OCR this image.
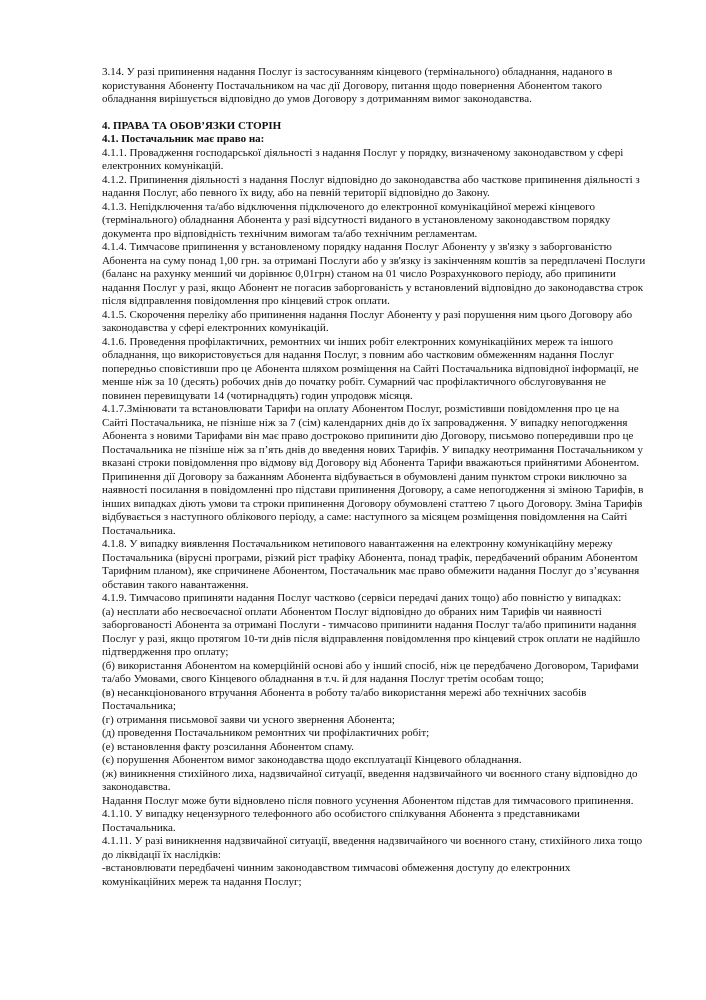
3.14. У разі припинення надання Послуг із застосуванням кінцевого (термінального) обладнання, наданого в користування Абоненту Постачальником на час дії Договору, питання щодо повернення Абонентом такого обладнання вирішується відповідно до умов Договору з дотриманням вимог законодавства.

4. ПРАВА ТА ОБОВ’ЯЗКИ СТОРІН

4.1. Постачальник має право на:

4.1.1. Провадження господарської діяльності з надання Послуг у порядку, визначеному законодавством у сфері електронних комунікацій.

4.1.2. Припинення діяльності з надання Послуг відповідно до законодавства або часткове припинення діяльності з надання Послуг, або певного їх виду, або на певній території відповідно до Закону.

4.1.3. Непідключення та/або відключення підключеного до електронної комунікаційної мережі кінцевого (термінального) обладнання Абонента у разі відсутності виданого в установленому законодавством порядку документа про відповідність технічним вимогам та/або технічним регламентам.

4.1.4. Тимчасове припинення у встановленому порядку надання Послуг Абоненту у зв'язку з заборгованістю Абонента на суму понад 1,00 грн. за отримані Послуги або у зв'язку із закінченням коштів за передплачені Послуги (баланс на рахунку менший чи дорівнює 0,01грн) станом на 01 число Розрахункового періоду, або припинити надання Послуг у разі, якщо Абонент не погасив заборгованість у встановлений відповідно до законодавства строк після відправлення повідомлення про кінцевий строк оплати.

4.1.5. Скорочення переліку або припинення надання Послуг Абоненту у разі порушення ним цього Договору або законодавства у сфері електронних комунікацій.

4.1.6. Проведення профілактичних, ремонтних чи інших робіт електронних комунікаційних мереж та іншого обладнання, що використовується для надання Послуг, з повним або частковим обмеженням надання Послуг попередньо сповістивши про це Абонента шляхом розміщення на Сайті Постачальника відповідної інформації, не менше ніж за 10 (десять) робочих днів до початку робіт. Сумарний час профілактичного обслуговування не повинен перевищувати 14 (чотирнадцять) годин упродовж місяця.

4.1.7.Змінювати та встановлювати Тарифи на оплату Абонентом Послуг, розмістивши повідомлення про це на Сайті Постачальника, не пізніше ніж за 7 (сім) календарних днів до їх запровадження. У випадку непогодження Абонента з новими Тарифами він має право достроково припинити дію Договору, письмово попередивши про це Постачальника не пізніше ніж за п’ять днів до введення нових Тарифів. У випадку неотримання Постачальником у вказані строки повідомлення про відмову від Договору від Абонента Тарифи вважаються прийнятими Абонентом. Припинення дії Договору за бажанням Абонента відбувається в обумовлені даним пунктом строки виключно за наявності посилання в повідомленні про підстави припинення Договору, а саме непогодження зі зміною Тарифів, в інших випадках діють умови та строки припинення Договору обумовлені статтею 7 цього Договору. Зміна Тарифів відбувається з наступного облікового періоду, а саме: наступного за місяцем розміщення повідомлення на Сайті Постачальника.

4.1.8. У випадку виявлення Постачальником нетипового навантаження на електронну комунікаційну мережу Постачальника (вірусні програми, різкий ріст трафіку Абонента, понад трафік, передбачений обраним Абонентом Тарифним планом), яке спричинене Абонентом, Постачальник має право обмежити надання Послуг до з’ясування обставин такого навантаження.

4.1.9. Тимчасово припиняти надання Послуг частково (сервіси передачі даних тощо) або повністю у випадках:

(а) несплати або несвоєчасної оплати Абонентом Послуг відповідно до обраних ним Тарифів чи наявності заборгованості Абонента за отримані Послуги - тимчасово припинити надання Послуг та/або припинити надання Послуг у разі, якщо протягом 10-ти днів після відправлення повідомлення про кінцевий строк оплати не надійшло підтвердження про оплату;

(б) використання Абонентом на комерційній основі або у інший спосіб, ніж це передбачено Договором, Тарифами та/або Умовами, свого Кінцевого обладнання в т.ч. й для надання Послуг третім особам тощо;

(в) несанкціонованого втручання Абонента в роботу та/або використання мережі або технічних засобів Постачальника;

(г) отримання письмової заяви чи усного звернення Абонента;

(д) проведення Постачальником ремонтних чи профілактичних робіт;

(е) встановлення факту розсилання Абонентом спаму.

(є) порушення Абонентом вимог законодавства щодо експлуатації Кінцевого обладнання.

(ж) виникнення стихійного лиха, надзвичайної ситуації, введення надзвичайного чи воєнного стану відповідно до законодавства.

Надання Послуг може бути відновлено після повного усунення Абонентом підстав для тимчасового припинення.

4.1.10. У випадку нецензурного телефонного або особистого спілкування Абонента з представниками Постачальника.

4.1.11. У разі виникнення надзвичайної ситуації, введення надзвичайного чи воєнного стану, стихійного лиха тощо до ліквідації їх наслідків:

-встановлювати передбачені чинним законодавством тимчасові обмеження доступу до електронних комунікаційних мереж та надання Послуг;
